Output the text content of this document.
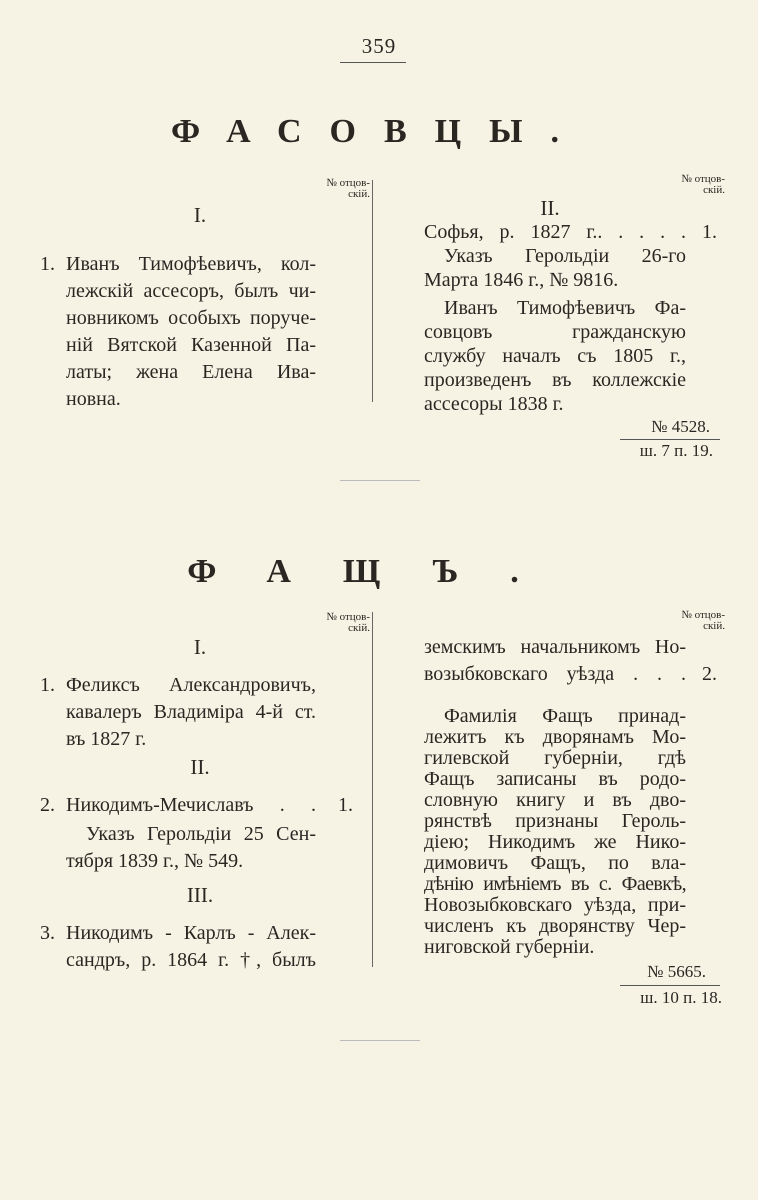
359
ФАСОВЦЫ.
№ отцов-
скій.
№ отцов-
скій.
I.
1. Иванъ Тимофѣевичъ, кол-
лежскій ассесоръ, былъ чи-
новникомъ особыхъ поруче-
ній Вятской Казенной Па-
латы; жена Елена Ива-
новна.
II.
Софья, р. 1827 г.. . . . . 1.
Указъ Герольдіи 26-го
Марта 1846 г., № 9816.
Иванъ Тимофѣевичъ Фа-
совцовъ гражданскую
службу началъ съ 1805 г.,
произведенъ въ коллежскіе
ассесоры 1838 г.
№ 4528.
ш. 7 п. 19.
ФАЩЪ.
№ отцов-
скій.
№ отцов-
скій.
I.
1. Феликсъ Александровичъ,
кавалеръ Владиміра 4-й ст.
въ 1827 г.
II.
2. Никодимъ-Мечиславъ . . 1.
Указъ Герольдіи 25 Сен-
тября 1839 г., № 549.
III.
3. Никодимъ - Карлъ - Алек-
сандръ, р. 1864 г. †, былъ
земскимъ начальникомъ Но-
возыбковскаго уѣзда . . . 2.
Фамилія Фащъ принад-
лежитъ къ дворянамъ Мо-
гилевской губерніи, гдѣ
Фащъ записаны въ родо-
словную книгу и въ дво-
рянствѣ признаны Героль-
діею; Никодимъ же Нико-
димовичъ Фащъ, по вла-
дѣнію имѣніемъ въ с. Фаевкѣ,
Новозыбковскаго уѣзда, при-
численъ къ дворянству Чер-
ниговской губерніи.
№ 5665.
ш. 10 п. 18.
